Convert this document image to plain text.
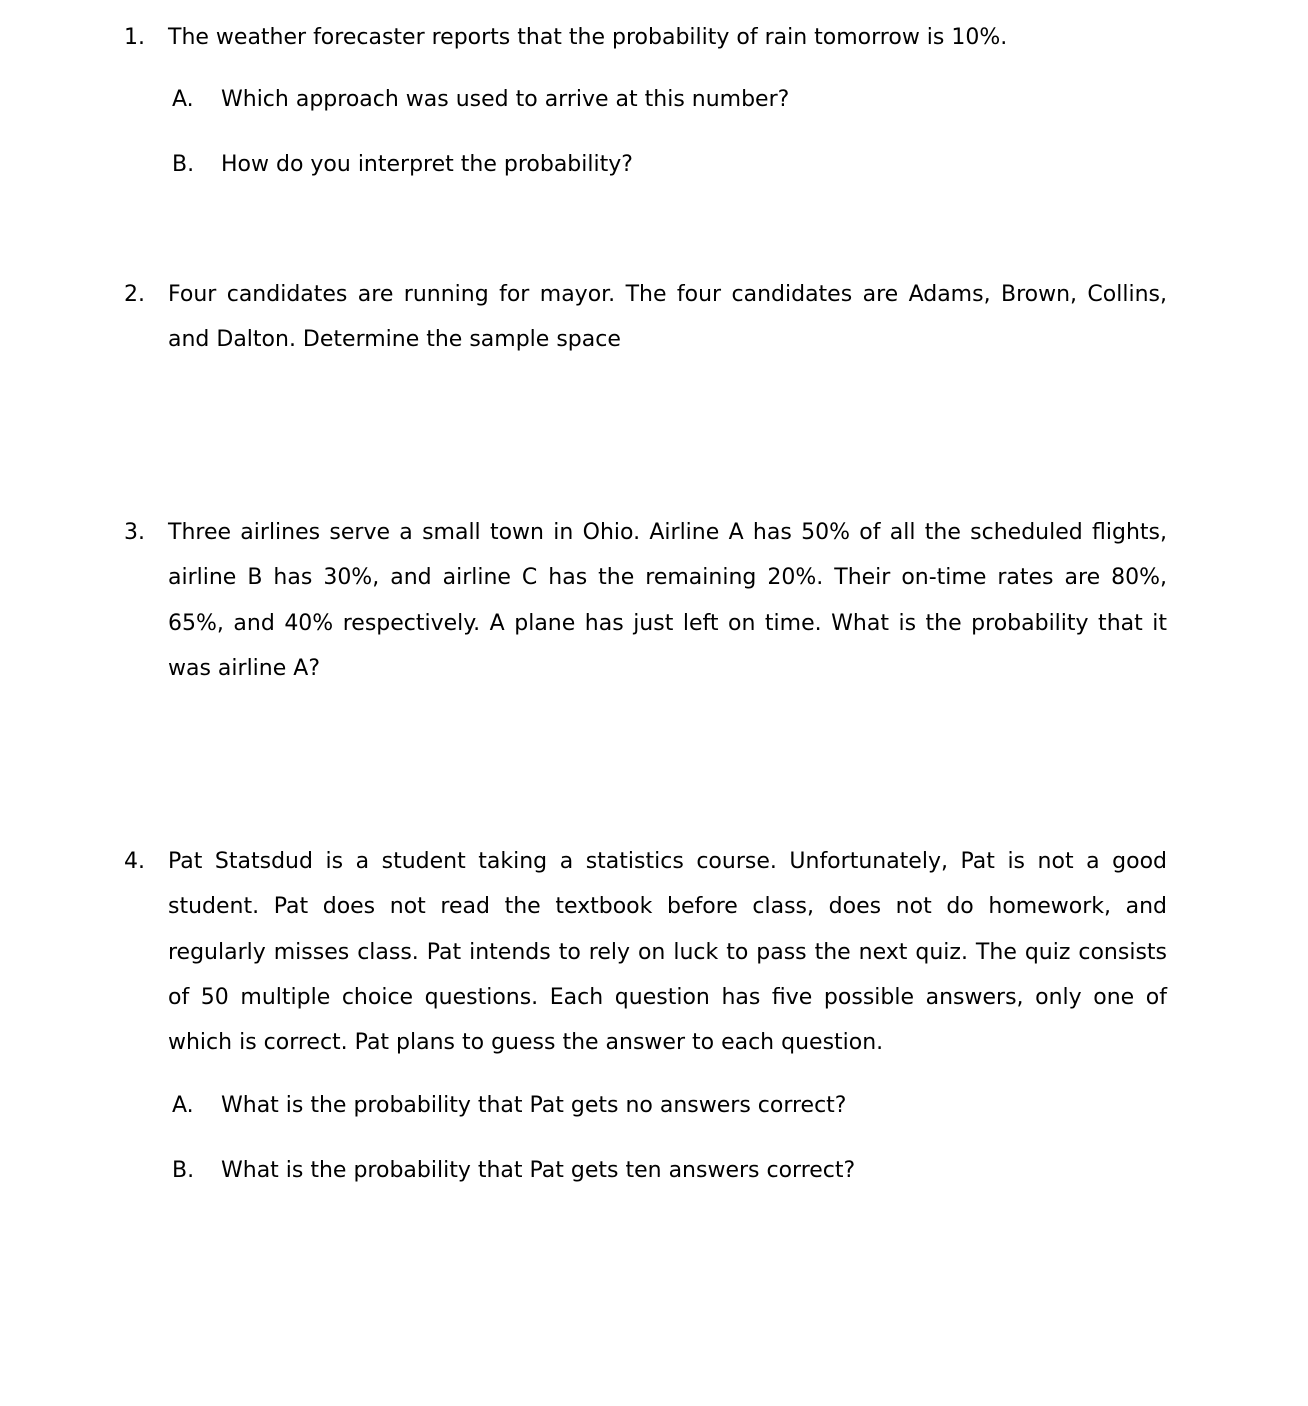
1. The weather forecaster reports that the probability of rain tomorrow is 10%.
A. Which approach was used to arrive at this number?
B. How do you interpret the probability?
2. Four candidates are running for mayor. The four candidates are Adams, Brown, Collins, and Dalton. Determine the sample space
3. Three airlines serve a small town in Ohio. Airline A has 50% of all the scheduled flights, airline B has 30%, and airline C has the remaining 20%. Their on-time rates are 80%, 65%, and 40% respectively. A plane has just left on time. What is the probability that it was airline A?
4. Pat Statsdud is a student taking a statistics course. Unfortunately, Pat is not a good student. Pat does not read the textbook before class, does not do homework, and regularly misses class. Pat intends to rely on luck to pass the next quiz. The quiz consists of 50 multiple choice questions. Each question has five possible answers, only one of which is correct. Pat plans to guess the answer to each question.
A. What is the probability that Pat gets no answers correct?
B. What is the probability that Pat gets ten answers correct?
